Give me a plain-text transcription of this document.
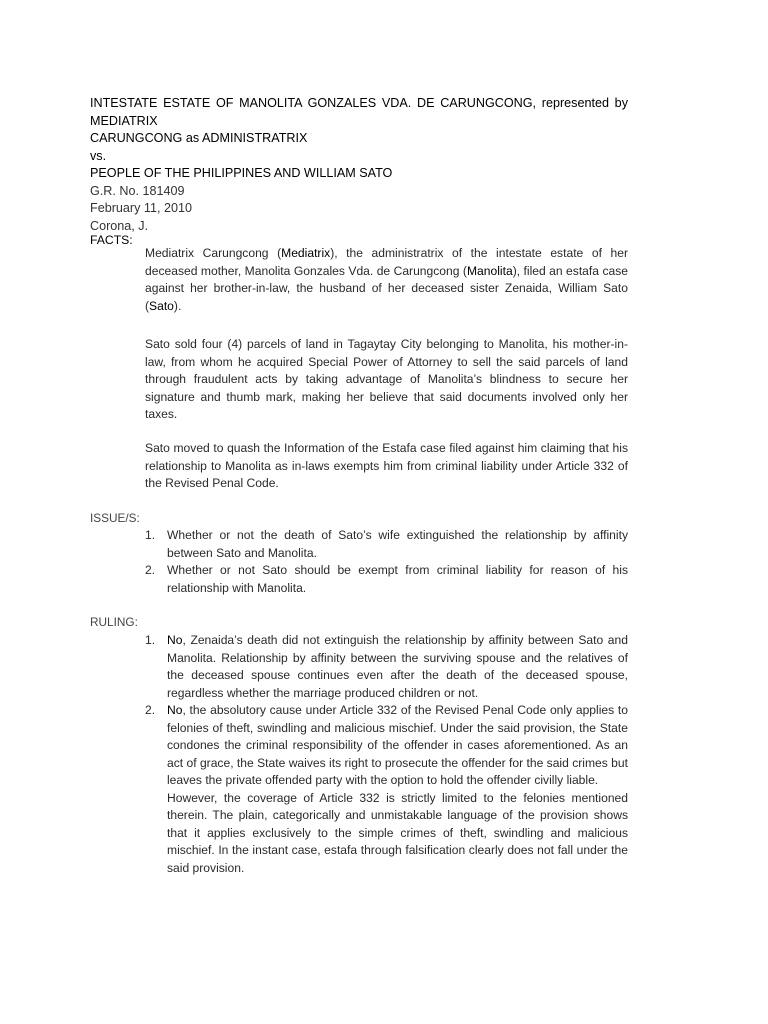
INTESTATE ESTATE OF MANOLITA GONZALES VDA. DE CARUNGCONG, represented by MEDIATRIX
CARUNGCONG as ADMINISTRATRIX
vs.
PEOPLE OF THE PHILIPPINES AND WILLIAM SATO
G.R. No. 181409
February 11, 2010
Corona, J.
FACTS:

Mediatrix Carungcong (Mediatrix), the administratrix of the intestate estate of her deceased mother, Manolita Gonzales Vda. de Carungcong (Manolita), filed an estafa case against her brother-in-law, the husband of her deceased sister Zenaida, William Sato (Sato).

Sato sold four (4) parcels of land in Tagaytay City belonging to Manolita, his mother-in-law, from whom he acquired Special Power of Attorney to sell the said parcels of land through fraudulent acts by taking advantage of Manolita’s blindness to secure her signature and thumb mark, making her believe that said documents involved only her taxes.

Sato moved to quash the Information of the Estafa case filed against him claiming that his relationship to Manolita as in-laws exempts him from criminal liability under Article 332 of the Revised Penal Code.

ISSUE/S:
1. Whether or not the death of Sato’s wife extinguished the relationship by affinity between Sato and Manolita.
2. Whether or not Sato should be exempt from criminal liability for reason of his relationship with Manolita.
RULING:
1. No, Zenaida’s death did not extinguish the relationship by affinity between Sato and Manolita. Relationship by affinity between the surviving spouse and the relatives of the deceased spouse continues even after the death of the deceased spouse, regardless whether the marriage produced children or not.
2. No, the absolutory cause under Article 332 of the Revised Penal Code only applies to felonies of theft, swindling and malicious mischief. Under the said provision, the State condones the criminal responsibility of the offender in cases aforementioned. As an act of grace, the State waives its right to prosecute the offender for the said crimes but leaves the private offended party with the option to hold the offender civilly liable.
However, the coverage of Article 332 is strictly limited to the felonies mentioned therein. The plain, categorically and unmistakable language of the provision shows that it applies exclusively to the simple crimes of theft, swindling and malicious mischief. In the instant case, estafa through falsification clearly does not fall under the said provision.
